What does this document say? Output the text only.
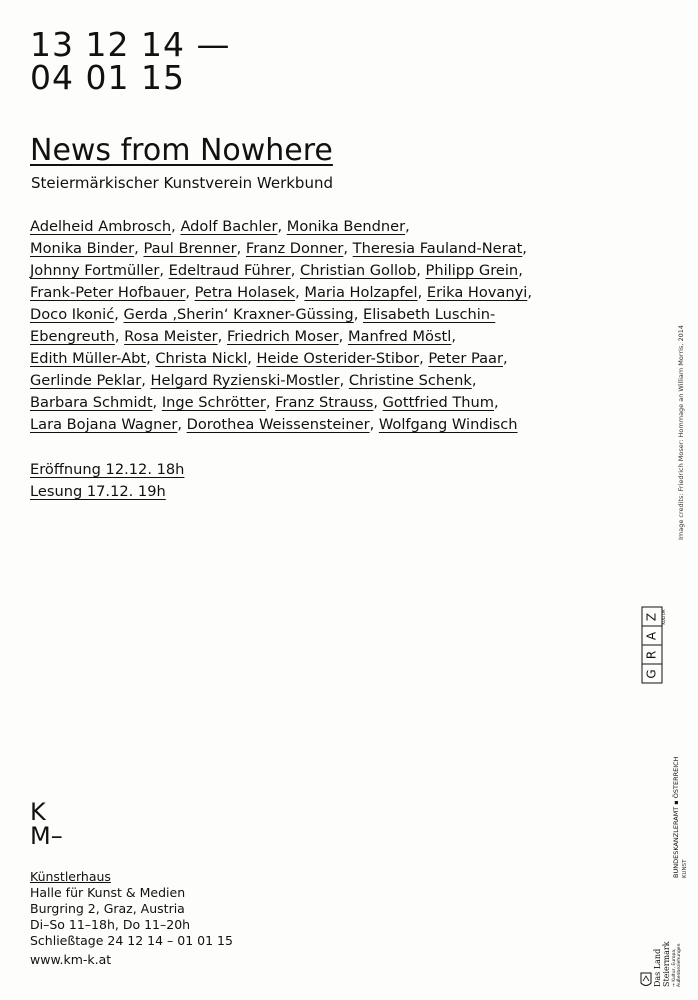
13 12 14 —
04 01 15
News from Nowhere
Steiermärkischer Kunstverein Werkbund
Adelheid Ambrosch, Adolf Bachler, Monika Bendner,
Monika Binder, Paul Brenner, Franz Donner, Theresia Fauland-Nerat,
Johnny Fortmüller, Edeltraud Führer, Christian Gollob, Philipp Grein,
Frank-Peter Hofbauer, Petra Holasek, Maria Holzapfel, Erika Hovanyi,
Doco Ikonić, Gerda ‚Sherin‘ Kraxner-Güssing, Elisabeth Luschin-
Ebengreuth, Rosa Meister, Friedrich Moser, Manfred Möstl,
Edith Müller-Abt, Christa Nickl, Heide Osterider-Stibor, Peter Paar,
Gerlinde Peklar, Helgard Ryzienski-Mostler, Christine Schenk,
Barbara Schmidt, Inge Schrötter, Franz Strauss, Gottfried Thum,
Lara Bojana Wagner, Dorothea Weissensteiner, Wolfgang Windisch
Eröffnung 12.12. 18h
Lesung 17.12. 19h
K
M–
Künstlerhaus
Halle für Kunst & Medien
Burgring 2, Graz, Austria
Di–So 11–18h, Do 11–20h
Schließtage 24 12 14 – 01 01 15
www.km-k.at
Image credits: Friedrich Moser: Hommage an William Morris, 2014
Z
A
R
G
KULTUR
BUNDESKANZLERAMT ▪ ÖSTERREICH KUNST
Das Land Steiermark → Kultur, Europa, Außenbeziehungen
